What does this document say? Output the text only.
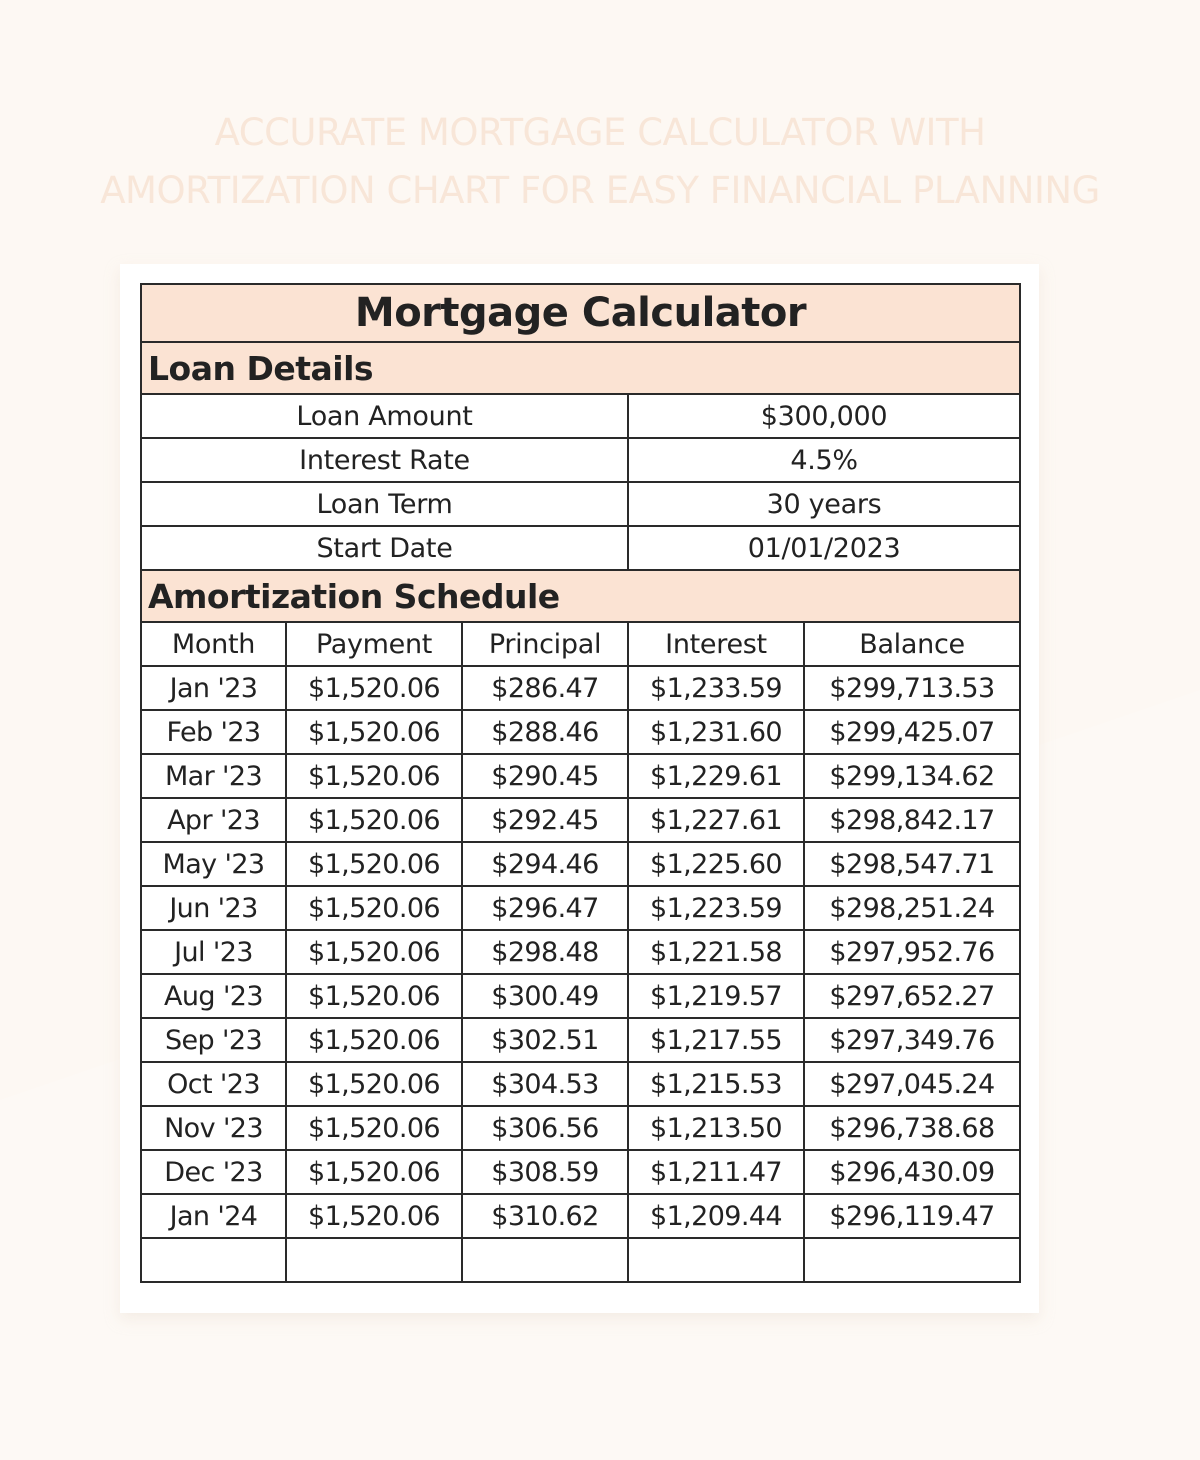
ACCURATE MORTGAGE CALCULATOR WITH
AMORTIZATION CHART FOR EASY FINANCIAL PLANNING
Mortgage Calculator				
Loan Details				
Loan Amount			$300,000	
Interest Rate			4.5%	
Loan Term			30 years	
Start Date			01/01/2023	
Amortization Schedule				
Month	Payment	Principal	Interest	Balance
Jan '23	$1,520.06	$286.47	$1,233.59	$299,713.53
Feb '23	$1,520.06	$288.46	$1,231.60	$299,425.07
Mar '23	$1,520.06	$290.45	$1,229.61	$299,134.62
Apr '23	$1,520.06	$292.45	$1,227.61	$298,842.17
May '23	$1,520.06	$294.46	$1,225.60	$298,547.71
Jun '23	$1,520.06	$296.47	$1,223.59	$298,251.24
Jul '23	$1,520.06	$298.48	$1,221.58	$297,952.76
Aug '23	$1,520.06	$300.49	$1,219.57	$297,652.27
Sep '23	$1,520.06	$302.51	$1,217.55	$297,349.76
Oct '23	$1,520.06	$304.53	$1,215.53	$297,045.24
Nov '23	$1,520.06	$306.56	$1,213.50	$296,738.68
Dec '23	$1,520.06	$308.59	$1,211.47	$296,430.09
Jan '24	$1,520.06	$310.62	$1,209.44	$296,119.47
